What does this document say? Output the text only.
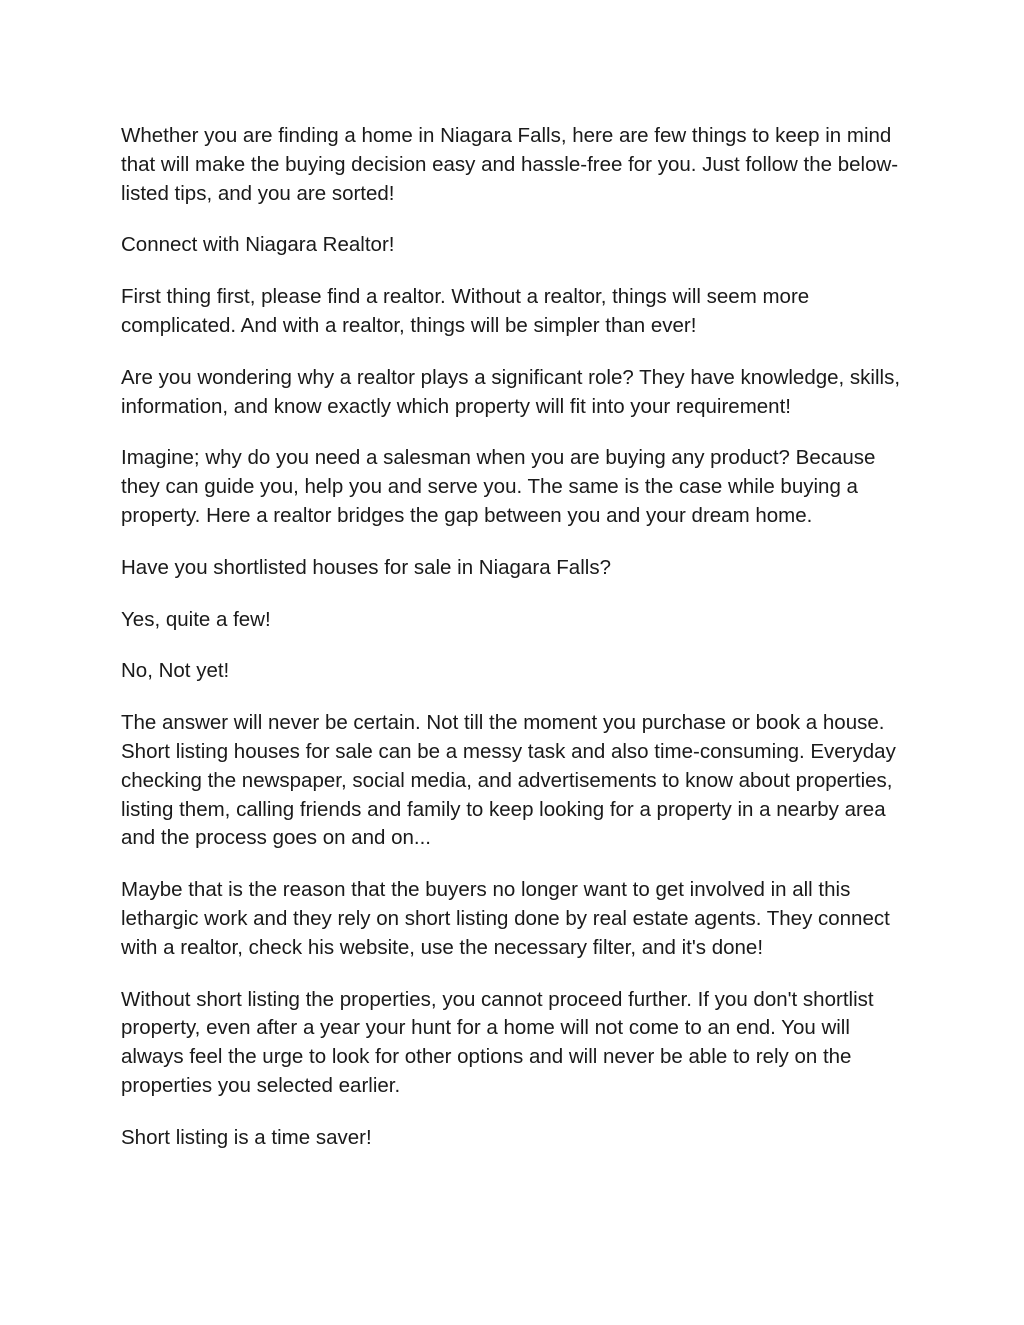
Whether you are finding a home in Niagara Falls, here are few things to keep in mind that will make the buying decision easy and hassle-free for you. Just follow the below-listed tips, and you are sorted!

Connect with Niagara Realtor!

First thing first, please find a realtor. Without a realtor, things will seem more complicated. And with a realtor, things will be simpler than ever!

Are you wondering why a realtor plays a significant role? They have knowledge, skills, information, and know exactly which property will fit into your requirement!

Imagine; why do you need a salesman when you are buying any product? Because they can guide you, help you and serve you. The same is the case while buying a property. Here a realtor bridges the gap between you and your dream home.

Have you shortlisted houses for sale in Niagara Falls?

Yes, quite a few!

No, Not yet!

The answer will never be certain. Not till the moment you purchase or book a house. Short listing houses for sale can be a messy task and also time-consuming. Everyday checking the newspaper, social media, and advertisements to know about properties, listing them, calling friends and family to keep looking for a property in a nearby area and the process goes on and on...

Maybe that is the reason that the buyers no longer want to get involved in all this lethargic work and they rely on short listing done by real estate agents. They connect with a realtor, check his website, use the necessary filter, and it's done!

Without short listing the properties, you cannot proceed further. If you don't shortlist property, even after a year your hunt for a home will not come to an end. You will always feel the urge to look for other options and will never be able to rely on the properties you selected earlier.

Short listing is a time saver!
